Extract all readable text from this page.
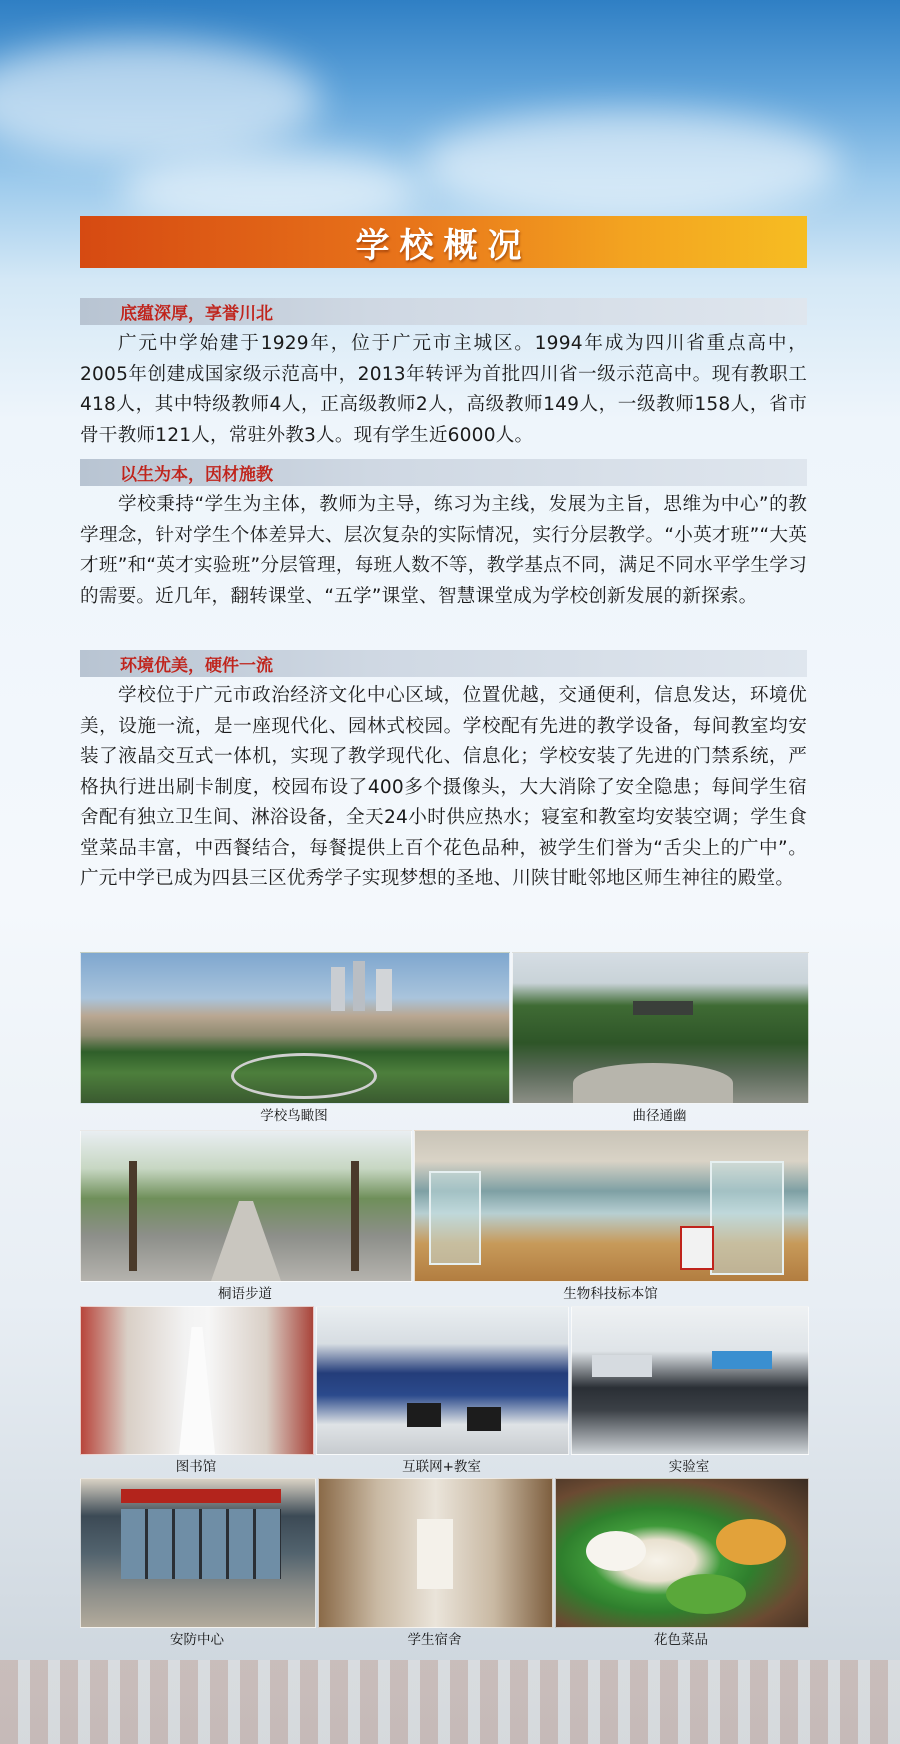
学校概况
底蕴深厚，享誉川北

广元中学始建于1929年，位于广元市主城区。1994年成为四川省重点高中，2005年创建成国家级示范高中，2013年转评为首批四川省一级示范高中。现有教职工418人，其中特级教师4人，正高级教师2人，高级教师149人，一级教师158人，省市骨干教师121人，常驻外教3人。现有学生近6000人。

以生为本，因材施教

学校秉持“学生为主体，教师为主导，练习为主线，发展为主旨，思维为中心”的教学理念，针对学生个体差异大、层次复杂的实际情况，实行分层教学。“小英才班”“大英才班”和“英才实验班”分层管理，每班人数不等，教学基点不同，满足不同水平学生学习的需要。近几年，翻转课堂、“五学”课堂、智慧课堂成为学校创新发展的新探索。

环境优美，硬件一流

学校位于广元市政治经济文化中心区域，位置优越，交通便利，信息发达，环境优美，设施一流，是一座现代化、园林式校园。学校配有先进的教学设备，每间教室均安装了液晶交互式一体机，实现了教学现代化、信息化；学校安装了先进的门禁系统，严格执行进出刷卡制度，校园布设了400多个摄像头，大大消除了安全隐患；每间学生宿舍配有独立卫生间、淋浴设备，全天24小时供应热水；寝室和教室均安装空调；学生食堂菜品丰富，中西餐结合，每餐提供上百个花色品种，被学生们誉为“舌尖上的广中”。广元中学已成为四县三区优秀学子实现梦想的圣地、川陕甘毗邻地区师生神往的殿堂。

学校鸟瞰图	曲径通幽
桐语步道	生物科技标本馆
图书馆	互联网+教室	实验室
安防中心	学生宿舍	花色菜品
